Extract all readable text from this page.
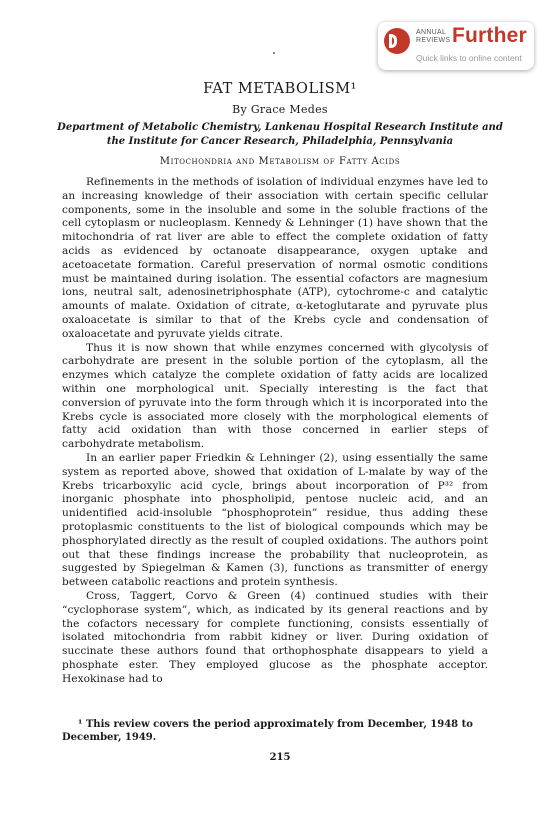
ANNUAL REVIEWS Further
Quick links to online content
FAT METABOLISM¹
By Grace Medes
Department of Metabolic Chemistry, Lankenau Hospital Research Institute and
the Institute for Cancer Research, Philadelphia, Pennsylvania
Mitochondria and Metabolism of Fatty Acids

Refinements in the methods of isolation of individual enzymes have led to an increasing knowledge of their association with certain specific cellular components, some in the insoluble and some in the soluble fractions of the cell cytoplasm or nucleoplasm. Kennedy & Lehninger (1) have shown that the mitochondria of rat liver are able to effect the complete oxidation of fatty acids as evidenced by octanoate disappearance, oxygen uptake and acetoacetate formation. Careful preservation of normal osmotic conditions must be maintained during isolation. The essential cofactors are magnesium ions, neutral salt, adenosinetriphosphate (ATP), cytochrome-c and catalytic amounts of malate. Oxidation of citrate, α-ketoglutarate and pyruvate plus oxaloacetate is similar to that of the Krebs cycle and condensation of oxaloacetate and pyruvate yields citrate.

Thus it is now shown that while enzymes concerned with glycolysis of carbohydrate are present in the soluble portion of the cytoplasm, all the enzymes which catalyze the complete oxidation of fatty acids are localized within one morphological unit. Specially interesting is the fact that conversion of pyruvate into the form through which it is incorporated into the Krebs cycle is associated more closely with the morphological elements of fatty acid oxidation than with those concerned in earlier steps of carbohydrate metabolism.

In an earlier paper Friedkin & Lehninger (2), using essentially the same system as reported above, showed that oxidation of L-malate by way of the Krebs tricarboxylic acid cycle, brings about incorporation of P³² from inorganic phosphate into phospholipid, pentose nucleic acid, and an unidentified acid-insoluble “phosphoprotein” residue, thus adding these protoplasmic constituents to the list of biological compounds which may be phosphorylated directly as the result of coupled oxidations. The authors point out that these findings increase the probability that nucleoprotein, as suggested by Spiegelman & Kamen (3), functions as transmitter of energy between catabolic reactions and protein synthesis.

Cross, Taggert, Corvo & Green (4) continued studies with their “cyclophorase system”, which, as indicated by its general reactions and by the cofactors necessary for complete functioning, consists essentially of isolated mitochondria from rabbit kidney or liver. During oxidation of succinate these authors found that orthophosphate disappears to yield a phosphate ester. They employed glucose as the phosphate acceptor. Hexokinase had to

¹ This review covers the period approximately from December, 1948 to December, 1949.
215
